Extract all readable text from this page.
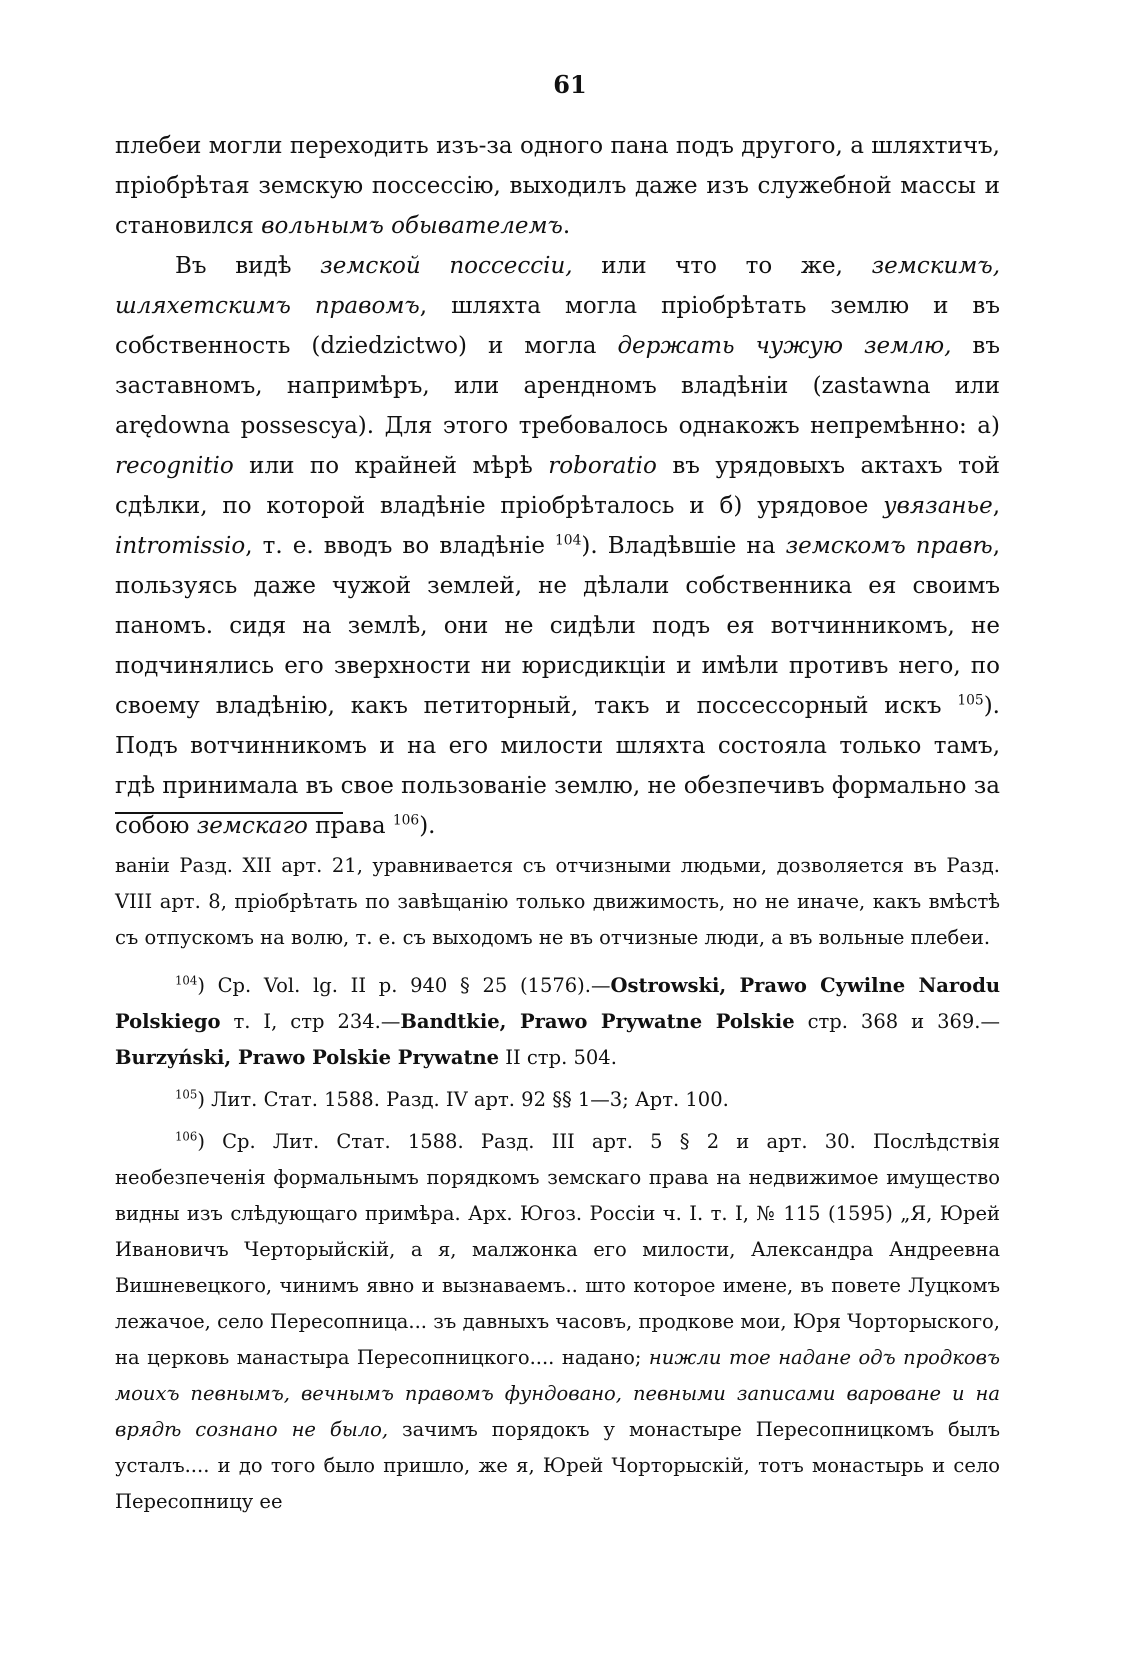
61

плебеи могли переходить изъ-за одного пана подъ другого, а шляхтичъ, пріобрѣтая земскую поссессію, выходилъ даже изъ служебной массы и становился вольнымъ обывателемъ.

Въ видѣ земской поссессіи, или что то же, земскимъ, шляхетскимъ правомъ, шляхта могла пріобрѣтать землю и въ собственность (dziedzictwo) и могла держать чужую землю, въ заставномъ, напримѣръ, или арендномъ владѣніи (zastawna или arędowna possescya). Для этого требовалось однакожъ непремѣнно: а) recognitio или по крайней мѣрѣ roboratio въ урядовыхъ актахъ той сдѣлки, по которой владѣніе пріобрѣталось и б) урядовое увязанье, intromissio, т. е. вводъ во владѣніе $^{104}$). Владѣвшіе на земскомъ правѣ, пользуясь даже чужой землей, не дѣлали собственника ея своимъ паномъ. сидя на землѣ, они не сидѣли подъ ея вотчинникомъ, не подчинялись его зверхности ни юрисдикціи и имѣли противъ него, по своему владѣнію, какъ петиторный, такъ и поссесcорный искъ $^{105}$). Подъ вотчинникомъ и на его милости шляхта состояла только тамъ, гдѣ принимала въ свое пользованіе землю, не обезпечивъ формально за собою земскаго права $^{106}$).

ваніи Разд. XII арт. 21, уравнивается съ отчизными людьми, дозволяется въ Разд. VIII арт. 8, пріобрѣтать по завѣщанію только движимость, но не иначе, какъ вмѣстѣ съ отпускомъ на волю, т. е. съ выходомъ не въ отчизные люди, а въ вольные плебеи.

$^{104}$) Ср. Vol. lg. II p. 940 § 25 (1576).—Ostrowski, Prawo Cywilne Narodu Polskiego т. I, стр 234.—Bandtkie, Prawo Prywatne Polskie стр. 368 и 369.—Burzyński, Prawo Polskie Prywatne II стр. 504.

$^{105}$) Лит. Стат. 1588. Разд. IV арт. 92 §§ 1—3; Арт. 100.

$^{106}$) Ср. Лит. Стат. 1588. Разд. III арт. 5 § 2 и арт. 30. Послѣдствія необезпеченія формальнымъ порядкомъ земскаго права на недвижимое имущество видны изъ слѣдующаго примѣра. Арх. Югоз. Россіи ч. I. т. I, № 115 (1595) „Я, Юрей Ивановичъ Черторыйскій, а я, малжонка его милости, Александра Андреевна Вишневецкого, чинимъ явно и вызнаваемъ.. што которое имене, въ повете Луцкомъ лежачое, село Пересопница... зъ давныхъ часовъ, продкове мои, Юря Чорторыского, на церковь манастыра Пересопницкого.... надано; нижли тое надане одъ продковъ моихъ певнымъ, вечнымъ правомъ фундовано, певными записами вароване и на врядѣ сознано не было, зачимъ порядокъ у монастыре Пересопницкомъ былъ усталъ.... и до того было пришло, же я, Юрей Чорторыскій, тотъ монастырь и село Пересопницу ее
